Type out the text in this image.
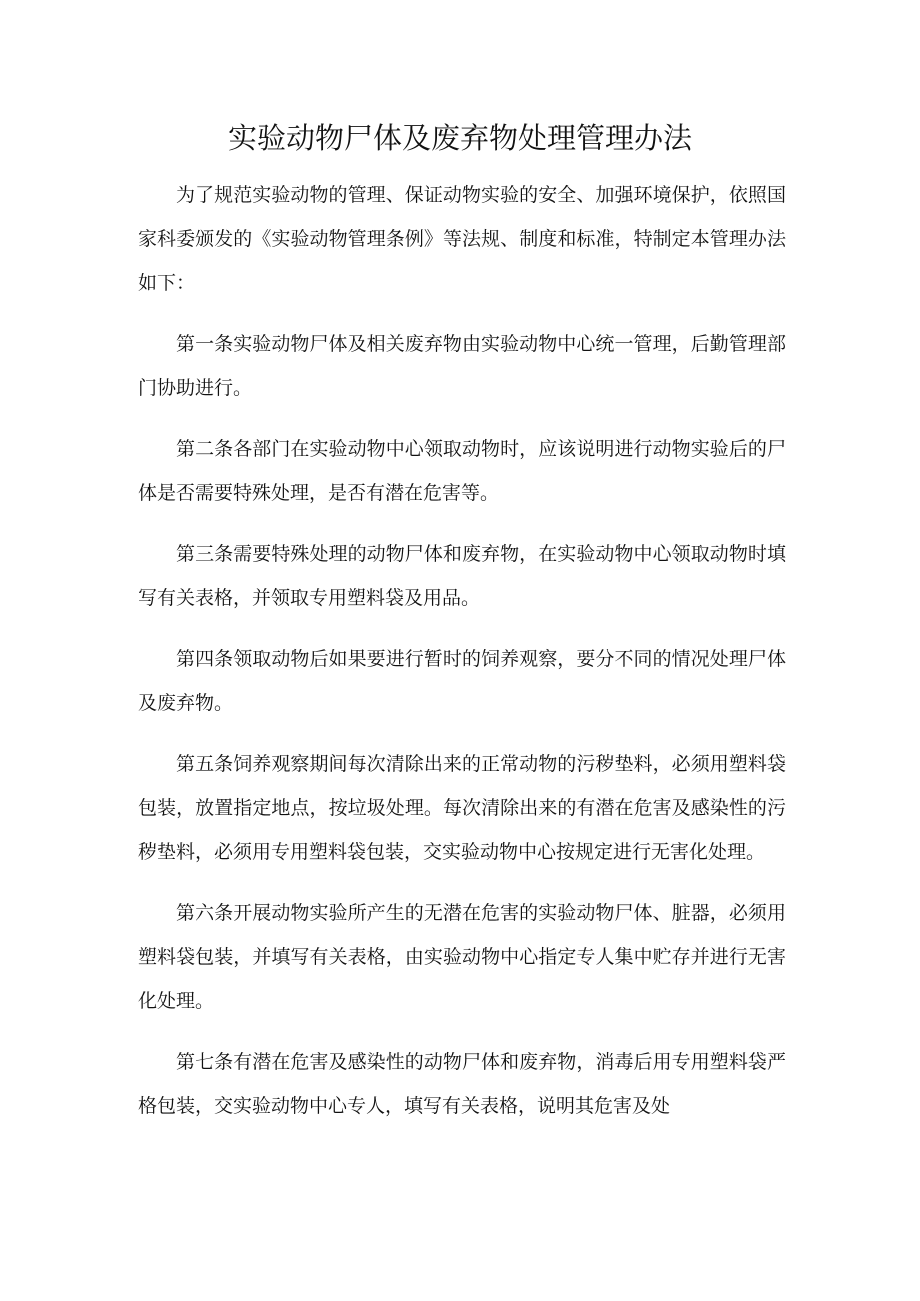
实验动物尸体及废弃物处理管理办法

为了规范实验动物的管理、保证动物实验的安全、加强环境保护，依照国家科委颁发的《实验动物管理条例》等法规、制度和标准，特制定本管理办法如下：

第一条实验动物尸体及相关废弃物由实验动物中心统一管理，后勤管理部门协助进行。

第二条各部门在实验动物中心领取动物时，应该说明进行动物实验后的尸体是否需要特殊处理，是否有潜在危害等。

第三条需要特殊处理的动物尸体和废弃物，在实验动物中心领取动物时填写有关表格，并领取专用塑料袋及用品。

第四条领取动物后如果要进行暂时的饲养观察，要分不同的情况处理尸体及废弃物。

第五条饲养观察期间每次清除出来的正常动物的污秽垫料，必须用塑料袋包装，放置指定地点，按垃圾处理。每次清除出来的有潜在危害及感染性的污秽垫料，必须用专用塑料袋包装，交实验动物中心按规定进行无害化处理。

第六条开展动物实验所产生的无潜在危害的实验动物尸体、脏器，必须用塑料袋包装，并填写有关表格，由实验动物中心指定专人集中贮存并进行无害化处理。

第七条有潜在危害及感染性的动物尸体和废弃物，消毒后用专用塑料袋严格包装，交实验动物中心专人，填写有关表格，说明其危害及处
